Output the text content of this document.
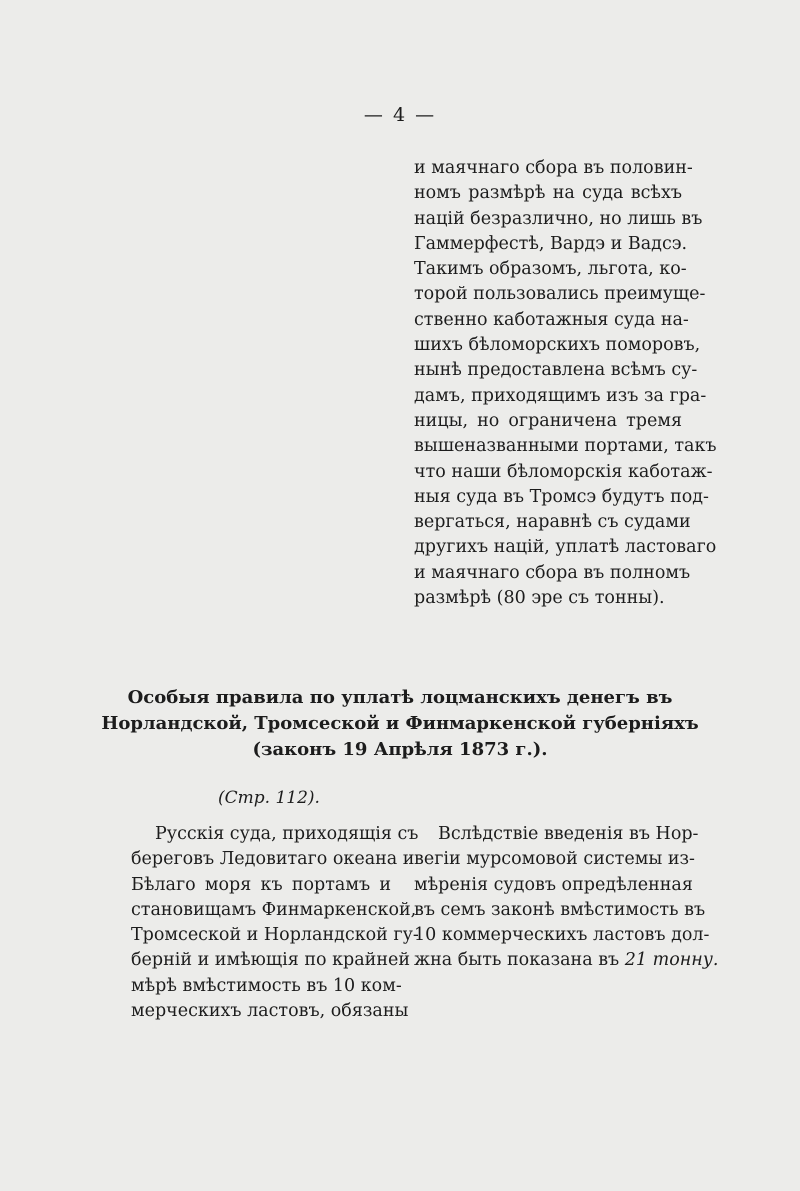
— 4 —
и маячнаго сбора въ половин-
номъ размѣрѣ на суда всѣхъ
націй безразлично, но лишь въ
Гаммерфестѣ, Вардэ и Вадсэ.
Такимъ образомъ, льгота, ко-
торой пользовались преимуще-
ственно каботажныя суда на-
шихъ бѣломорскихъ поморовъ,
нынѣ предоставлена всѣмъ су-
дамъ, приходящимъ изъ за гра-
ницы, но ограничена тремя
вышеназванными портами, такъ
что наши бѣломорскія каботаж-
ныя суда въ Тромсэ будутъ под-
вергаться, наравнѣ съ судами
другихъ націй, уплатѣ ластоваго
и маячнаго сбора въ полномъ
размѣрѣ (80 эре съ тонны).
Особыя правила по уплатѣ лоцманскихъ денегъ въ
Норландской, Тромсеской и Финмаркенской губерніяхъ
(законъ 19 Апрѣля 1873 г.).
(Стр. 112).
Русскія суда, приходящія съ
береговъ Ледовитаго океана и
Бѣлаго моря къ портамъ и
становищамъ Финмаркенской,
Тромсеской и Норландской гу-
берній и имѣющія по крайней
мѣрѣ вмѣстимость въ 10 ком-
мерческихъ ластовъ, обязаны
Вслѣдствіе введенія въ Нор-
вегіи мурсомовой системы из-
мѣренія судовъ опредѣленная
въ семъ законѣ вмѣстимость въ
10 коммерческихъ ластовъ дол-
жна быть показана въ 21 тонну.
